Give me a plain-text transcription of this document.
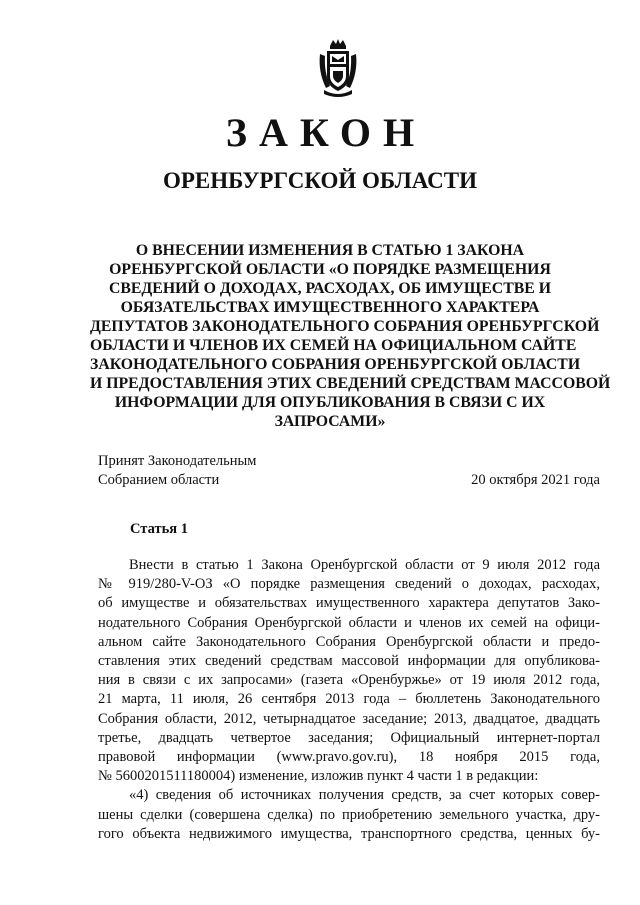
ЗАКОН
ОРЕНБУРГСКОЙ ОБЛАСТИ
О ВНЕСЕНИИ ИЗМЕНЕНИЯ В СТАТЬЮ 1 ЗАКОНА
ОРЕНБУРГСКОЙ ОБЛАСТИ «О ПОРЯДКЕ РАЗМЕЩЕНИЯ
СВЕДЕНИЙ О ДОХОДАХ, РАСХОДАХ, ОБ ИМУЩЕСТВЕ И
ОБЯЗАТЕЛЬСТВАХ ИМУЩЕСТВЕННОГО ХАРАКТЕРА
ДЕПУТАТОВ ЗАКОНОДАТЕЛЬНОГО СОБРАНИЯ ОРЕНБУРГСКОЙ
ОБЛАСТИ И ЧЛЕНОВ ИХ СЕМЕЙ НА ОФИЦИАЛЬНОМ САЙТЕ
ЗАКОНОДАТЕЛЬНОГО СОБРАНИЯ ОРЕНБУРГСКОЙ ОБЛАСТИ
И ПРЕДОСТАВЛЕНИЯ ЭТИХ СВЕДЕНИЙ СРЕДСТВАМ МАССОВОЙ
ИНФОРМАЦИИ ДЛЯ ОПУБЛИКОВАНИЯ В СВЯЗИ С ИХ
ЗАПРОСАМИ»
Принят Законодательным
Собранием области	20 октября 2021 года
Статья 1
Внести в статью 1 Закона Оренбургской области от 9 июля 2012 года
№ 919/280-V-ОЗ «О порядке размещения сведений о доходах, расходах,
об имуществе и обязательствах имущественного характера депутатов Зако-
нодательного Собрания Оренбургской области и членов их семей на офици-
альном сайте Законодательного Собрания Оренбургской области и предо-
ставления этих сведений средствам массовой информации для опубликова-
ния в связи с их запросами» (газета «Оренбуржье» от 19 июля 2012 года,
21 марта, 11 июля, 26 сентября 2013 года – бюллетень Законодательного
Собрания области, 2012, четырнадцатое заседание; 2013, двадцатое, двадцать
третье, двадцать четвертое заседания; Официальный интернет-портал
правовой информации (www.pravo.gov.ru), 18 ноября 2015 года,
№ 5600201511180004) изменение, изложив пункт 4 части 1 в редакции:
«4) сведения об источниках получения средств, за счет которых совер-
шены сделки (совершена сделка) по приобретению земельного участка, дру-
гого объекта недвижимого имущества, транспортного средства, ценных бу-
